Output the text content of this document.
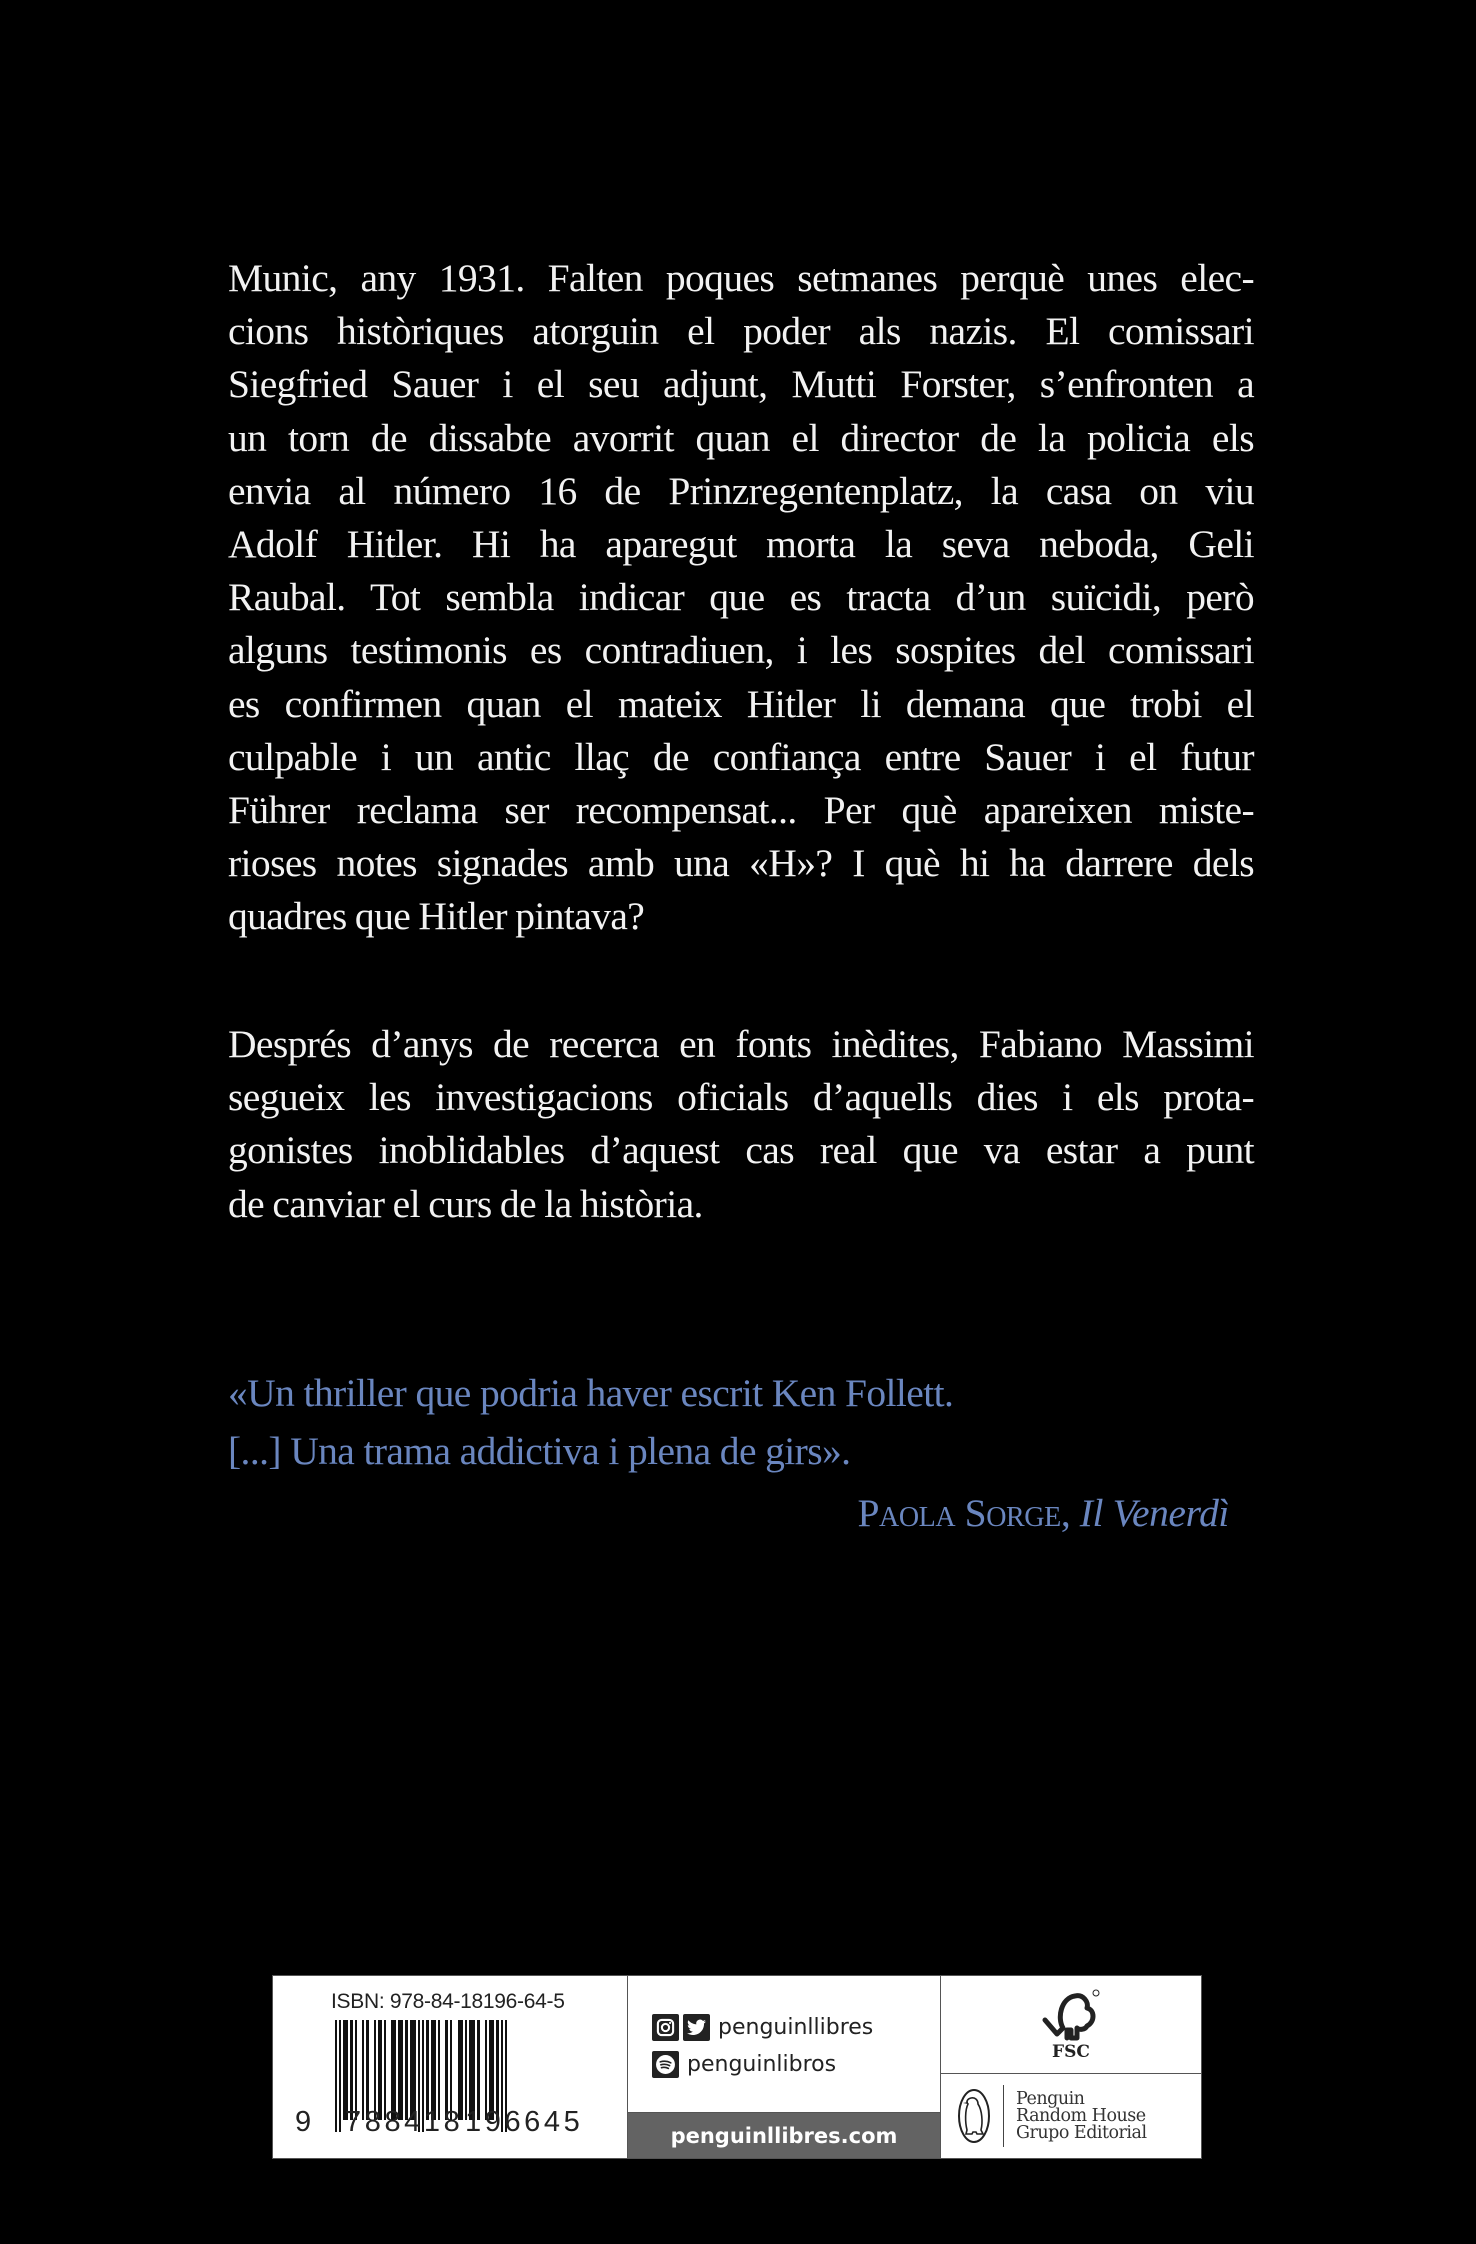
Munic, any 1931. Falten poques setmanes perquè unes elec-
cions històriques atorguin el poder als nazis. El comissari
Siegfried Sauer i el seu adjunt, Mutti Forster, s’enfronten a
un torn de dissabte avorrit quan el director de la policia els
envia al número 16 de Prinzregentenplatz, la casa on viu
Adolf Hitler. Hi ha aparegut morta la seva neboda, Geli
Raubal. Tot sembla indicar que es tracta d’un suïcidi, però
alguns testimonis es contradiuen, i les sospites del comissari
es confirmen quan el mateix Hitler li demana que trobi el
culpable i un antic llaç de confiança entre Sauer i el futur
Führer reclama ser recompensat... Per què apareixen miste-
rioses notes signades amb una «H»? I què hi ha darrere dels
quadres que Hitler pintava?
Després d’anys de recerca en fonts inèdites, Fabiano Massimi
segueix les investigacions oficials d’aquells dies i els prota-
gonistes inoblidables d’aquest cas real que va estar a punt
de canviar el curs de la història.
«Un thriller que podria haver escrit Ken Follett.
[...] Una trama addictiva i plena de girs».
Paola Sorge, Il Venerdì
ISBN: 978-84-18196-64-5
9 788418 196645
penguinllibres
penguinlibros
penguinllibres.com
FSC
Penguin
Random House
Grupo Editorial
